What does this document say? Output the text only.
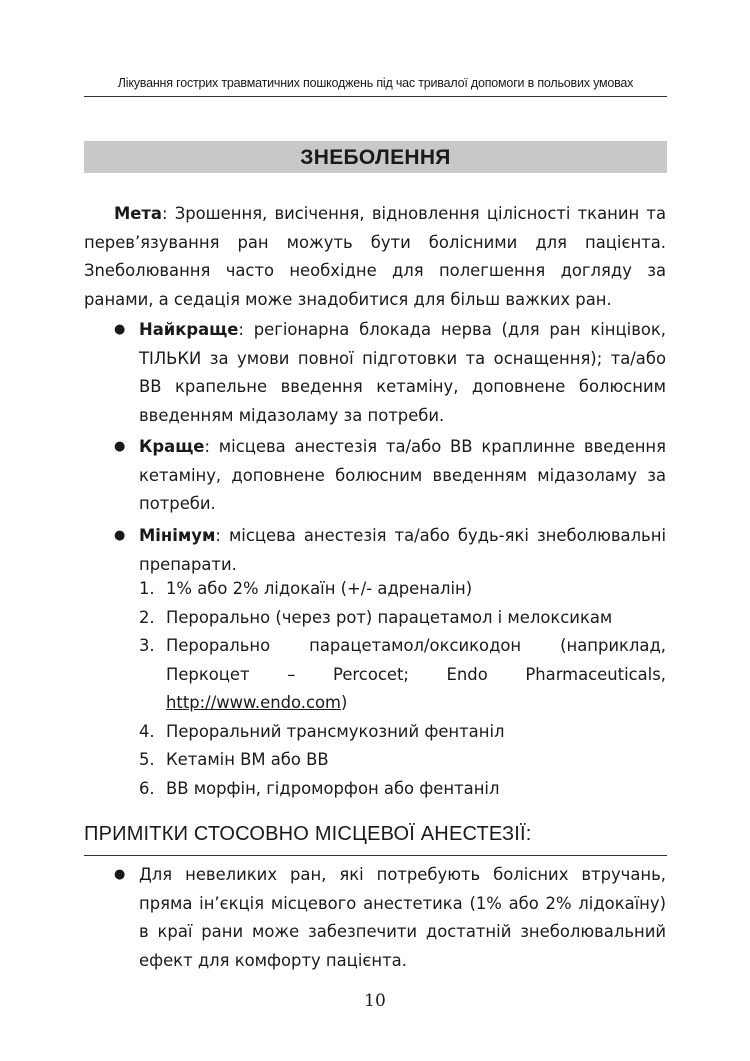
Лікування гострих травматичних пошкоджень під час тривалої допомоги в польових умовах
ЗНЕБОЛЕННЯ

Мета: Зрошення, висічення, відновлення цілісності тканин та перев’язування ран можуть бути болісними для пацієнта. Зneболювання часто необхідне для полегшення догляду за ранами, а седація може знадобитися для більш важких ран.

● Найкраще: регіонарна блокада нерва (для ран кінцівок, ТІЛЬКИ за умови повної підготовки та оснащення); та/або ВВ крапельне введення кетаміну, доповнене болюсним введенням мідазоламу за потреби.
● Краще: місцева анестезія та/або ВВ краплинне введення кетаміну, доповнене болюсним введенням мідазоламу за потреби.
● Мінімум: місцева анестезія та/або будь-які знеболювальні препарати.
1. 1% або 2% лідокаїн (+/- адреналін)
2. Перорально (через рот) парацетамол і мелоксикам
3. Перорально парацетамол/оксикодон (наприклад, Перкоцет – Percocet; Endo Pharmaceuticals, http://www.endo.com)
4. Пероральний трансмукозний фентаніл
5. Кетамін ВМ або ВВ
6. ВВ морфін, гідроморфон або фентаніл
ПРИМІТКИ СТОСОВНО МІСЦЕВОЇ АНЕСТЕЗІЇ:
● Для невеликих ран, які потребують болісних втручань, пряма ін’єкція місцевого анестетика (1% або 2% лідокаїну) в краї рани може забезпечити достатній знеболювальний ефект для комфорту пацієнта.
10
